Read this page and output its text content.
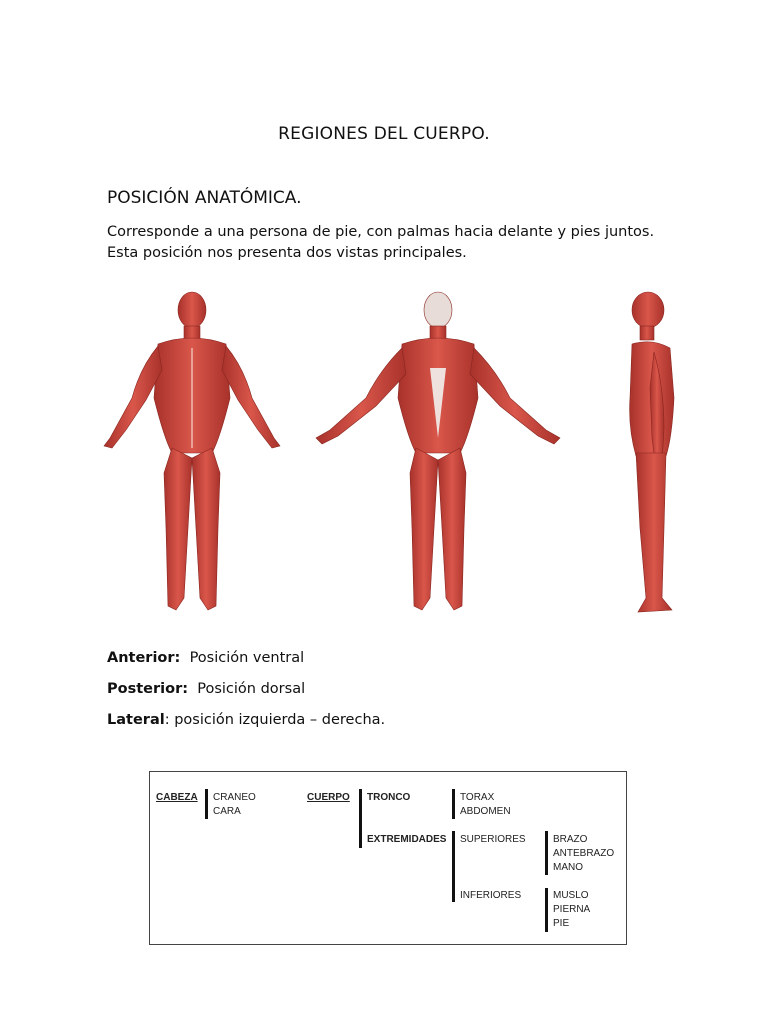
REGIONES DEL CUERPO.
POSICIÓN ANATÓMICA.

Corresponde a una persona de pie, con palmas hacia delante y pies juntos.

Esta posición nos presenta dos vistas principales.

Anterior: Posición ventral
Posterior: Posición dorsal
Lateral: posición izquierda – derecha.
CABEZA CRANEO
CARA
CUERPO TRONCO
EXTREMIDADES
TORAX
ABDOMEN
SUPERIORES
INFERIORES
BRAZO
ANTEBRAZO
MANO
MUSLO
PIERNA
PIE
